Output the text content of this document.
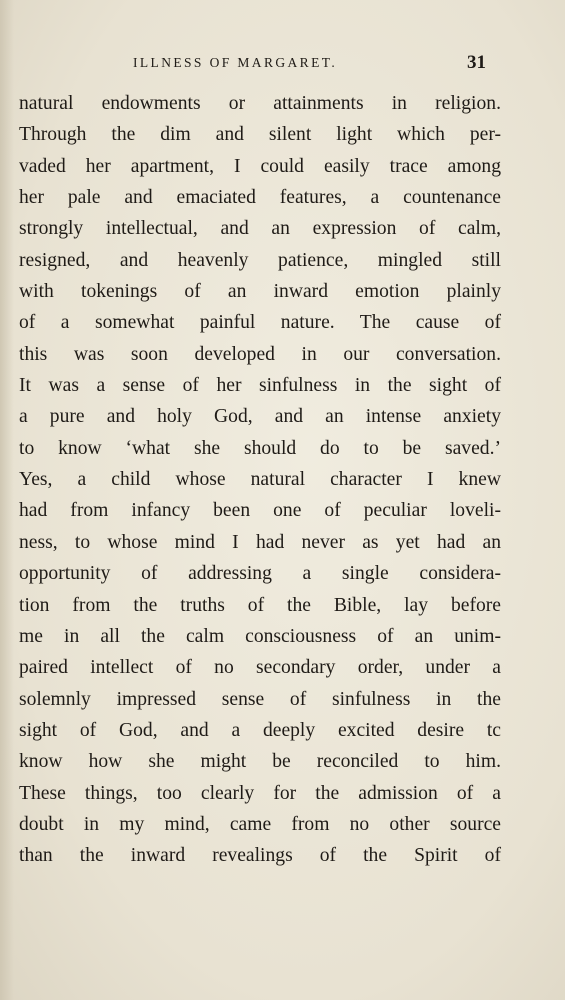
ILLNESS OF MARGARET.	31
natural endowments or attainments in religion.
Through the dim and silent light which per-
vaded her apartment, I could easily trace among
her pale and emaciated features, a countenance
strongly intellectual, and an expression of calm,
resigned, and heavenly patience, mingled still
with tokenings of an inward emotion plainly
of a somewhat painful nature. The cause of
this was soon developed in our conversation.
It was a sense of her sinfulness in the sight of
a pure and holy God, and an intense anxiety
to know ‘what she should do to be saved.’
Yes, a child whose natural character I knew
had from infancy been one of peculiar loveli-
ness, to whose mind I had never as yet had an
opportunity of addressing a single considera-
tion from the truths of the Bible, lay before
me in all the calm consciousness of an unim-
paired intellect of no secondary order, under a
solemnly impressed sense of sinfulness in the
sight of God, and a deeply excited desire tc
know how she might be reconciled to him.
These things, too clearly for the admission of a
doubt in my mind, came from no other source
than the inward revealings of the Spirit of
